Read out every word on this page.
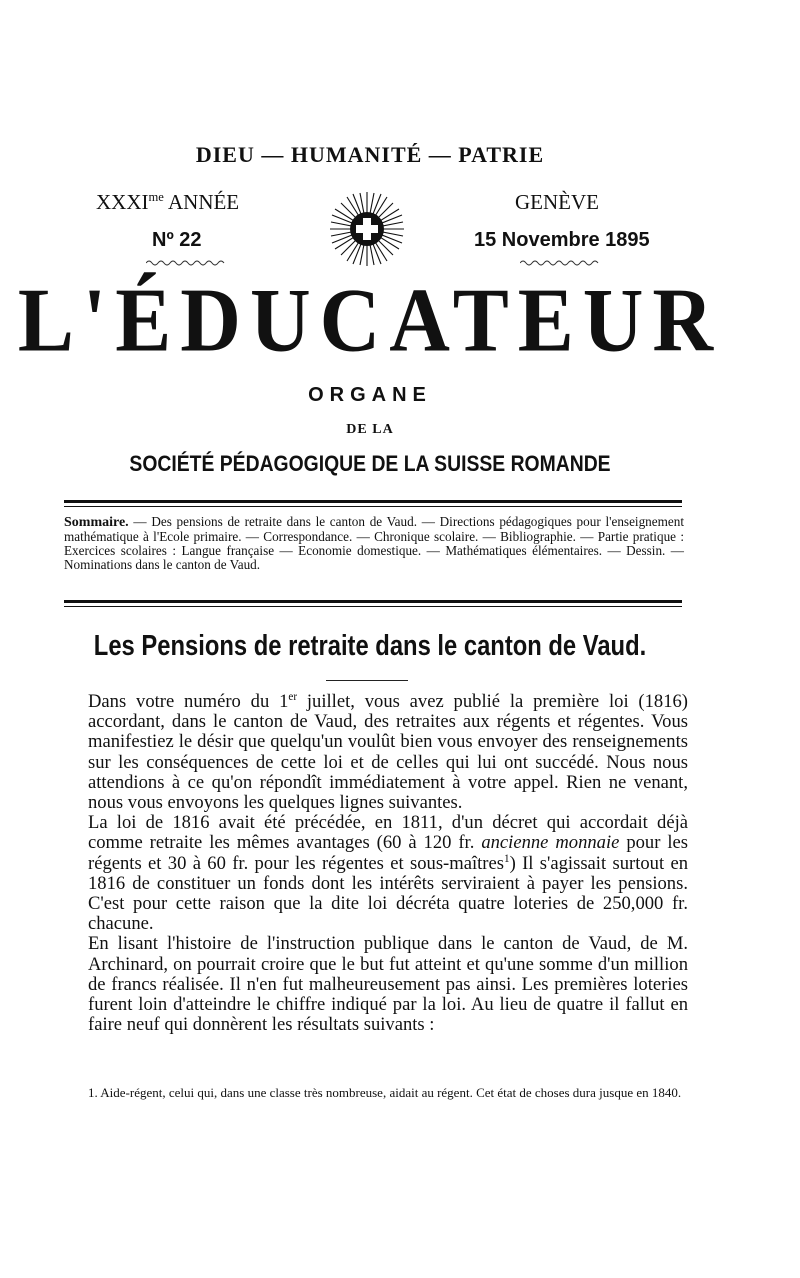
DIEU — HUMANITÉ — PATRIE
$XXXI^{me}$ ANNÉE
Nº 22
GENÈVE
15 Novembre 1895
L'ÉDUCATEUR
ORGANE
DE LA
SOCIÉTÉ PÉDAGOGIQUE DE LA SUISSE ROMANDE
Sommaire. — Des pensions de retraite dans le canton de Vaud. — Directions pédagogiques pour l'enseignement mathématique à l'Ecole primaire. — Correspondance. — Chronique scolaire. — Bibliographie. — Partie pratique : Exercices scolaires : Langue française — Economie domestique. — Mathématiques élémentaires. — Dessin. — Nominations dans le canton de Vaud.
Les Pensions de retraite dans le canton de Vaud.

Dans votre numéro du 1er juillet, vous avez publié la première loi (1816) accordant, dans le canton de Vaud, des retraites aux régents et régentes. Vous manifestiez le désir que quelqu'un voulût bien vous envoyer des renseignements sur les conséquences de cette loi et de celles qui lui ont succédé. Nous nous attendions à ce qu'on répondît immédiatement à votre appel. Rien ne venant, nous vous envoyons les quelques lignes suivantes.

La loi de 1816 avait été précédée, en 1811, d'un décret qui accordait déjà comme retraite les mêmes avantages (60 à 120 fr. ancienne monnaie pour les régents et 30 à 60 fr. pour les régentes et sous-maîtres$^1$) Il s'agissait surtout en 1816 de constituer un fonds dont les intérêts serviraient à payer les pensions. C'est pour cette raison que la dite loi décréta quatre loteries de 250,000 fr. chacune.

En lisant l'histoire de l'instruction publique dans le canton de Vaud, de M. Archinard, on pourrait croire que le but fut atteint et qu'une somme d'un million de francs réalisée. Il n'en fut malheureusement pas ainsi. Les premières loteries furent loin d'atteindre le chiffre indiqué par la loi. Au lieu de quatre il fallut en faire neuf qui donnèrent les résultats suivants :

1. Aide-régent, celui qui, dans une classe très nombreuse, aidait au régent. Cet état de choses dura jusque en 1840.
